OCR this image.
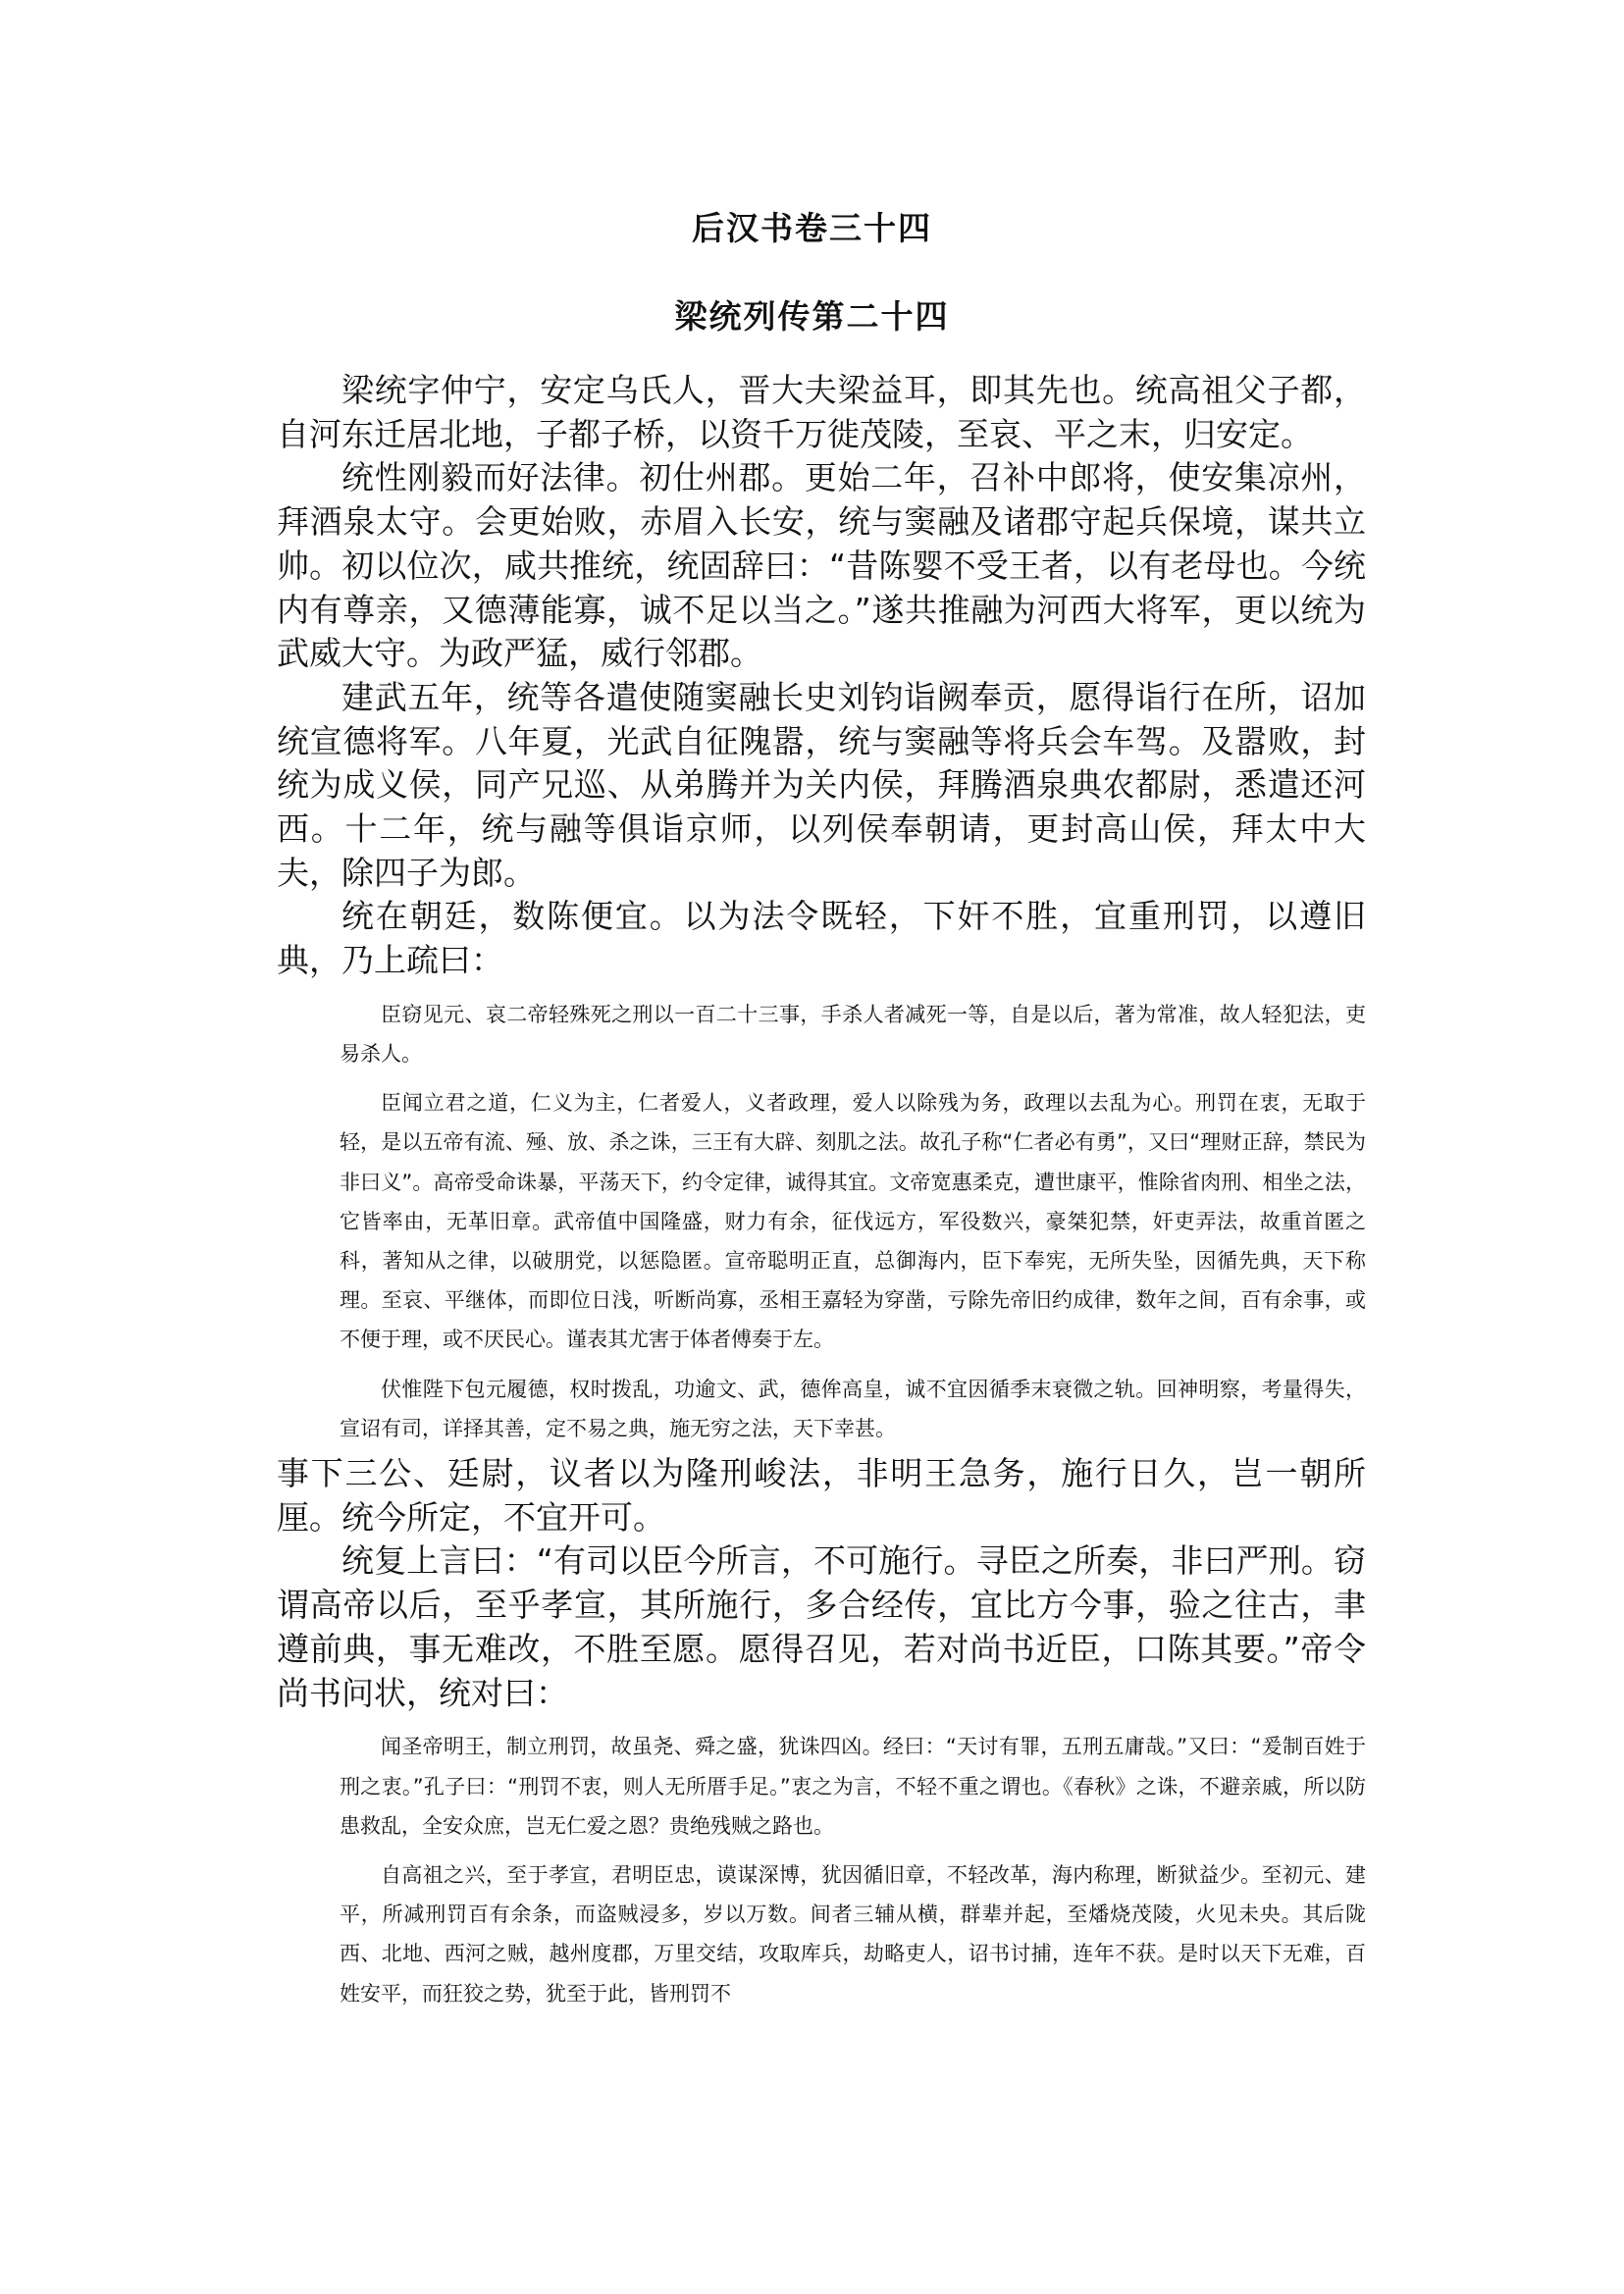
后汉书卷三十四
梁统列传第二十四

梁统字仲宁，安定乌氏人，晋大夫梁益耳，即其先也。统高祖父子都，自河东迁居北地，子都子桥，以资千万徙茂陵，至哀、平之末，归安定。

统性刚毅而好法律。初仕州郡。更始二年，召补中郎将，使安集凉州，拜酒泉太守。会更始败，赤眉入长安，统与窦融及诸郡守起兵保境，谋共立帅。初以位次，咸共推统，统固辞曰：“昔陈婴不受王者，以有老母也。今统内有尊亲，又德薄能寡，诚不足以当之。”遂共推融为河西大将军，更以统为武威大守。为政严猛，威行邻郡。

建武五年，统等各遣使随窦融长史刘钧诣阙奉贡，愿得诣行在所，诏加统宣德将军。八年夏，光武自征隗嚣，统与窦融等将兵会车驾。及嚣败，封统为成义侯，同产兄巡、从弟腾并为关内侯，拜腾酒泉典农都尉，悉遣还河西。十二年，统与融等俱诣京师，以列侯奉朝请，更封高山侯，拜太中大夫，除四子为郎。

统在朝廷，数陈便宜。以为法令既轻，下奸不胜，宜重刑罚，以遵旧典，乃上疏曰：

臣窃见元、哀二帝轻殊死之刑以一百二十三事，手杀人者减死一等，自是以后，著为常准，故人轻犯法，吏易杀人。

臣闻立君之道，仁义为主，仁者爱人，义者政理，爱人以除残为务，政理以去乱为心。刑罚在衷，无取于轻，是以五帝有流、殛、放、杀之诛，三王有大辟、刻肌之法。故孔子称“仁者必有勇”，又曰“理财正辞，禁民为非曰义”。高帝受命诛暴，平荡天下，约令定律，诚得其宜。文帝宽惠柔克，遭世康平，惟除省肉刑、相坐之法，它皆率由，无革旧章。武帝值中国隆盛，财力有余，征伐远方，军役数兴，豪桀犯禁，奸吏弄法，故重首匿之科，著知从之律，以破朋党，以惩隐匿。宣帝聪明正直，总御海内，臣下奉宪，无所失坠，因循先典，天下称理。至哀、平继体，而即位日浅，听断尚寡，丞相王嘉轻为穿凿，亏除先帝旧约成律，数年之间，百有余事，或不便于理，或不厌民心。谨表其尤害于体者傅奏于左。

伏惟陛下包元履德，权时拨乱，功逾文、武，德侔高皇，诚不宜因循季末衰微之轨。回神明察，考量得失，宣诏有司，详择其善，定不易之典，施无穷之法，天下幸甚。

事下三公、廷尉，议者以为隆刑峻法，非明王急务，施行日久，岂一朝所厘。统今所定，不宜开可。

统复上言曰：“有司以臣今所言，不可施行。寻臣之所奏，非曰严刑。窃谓高帝以后，至乎孝宣，其所施行，多合经传，宜比方今事，验之往古，聿遵前典，事无难改，不胜至愿。愿得召见，若对尚书近臣，口陈其要。”帝令尚书问状，统对曰：

闻圣帝明王，制立刑罚，故虽尧、舜之盛，犹诛四凶。经曰：“天讨有罪，五刑五庸哉。”又曰：“爰制百姓于刑之衷。”孔子曰：“刑罚不衷，则人无所厝手足。”衷之为言，不轻不重之谓也。《春秋》之诛，不避亲戚，所以防患救乱，全安众庶，岂无仁爱之恩？贵绝残贼之路也。

自高祖之兴，至于孝宣，君明臣忠，谟谋深博，犹因循旧章，不轻改革，海内称理，断狱益少。至初元、建平，所减刑罚百有余条，而盗贼浸多，岁以万数。间者三辅从横，群辈并起，至燔烧茂陵，火见未央。其后陇西、北地、西河之贼，越州度郡，万里交结，攻取库兵，劫略吏人，诏书讨捕，连年不获。是时以天下无难，百姓安平，而狂狡之势，犹至于此，皆刑罚不
